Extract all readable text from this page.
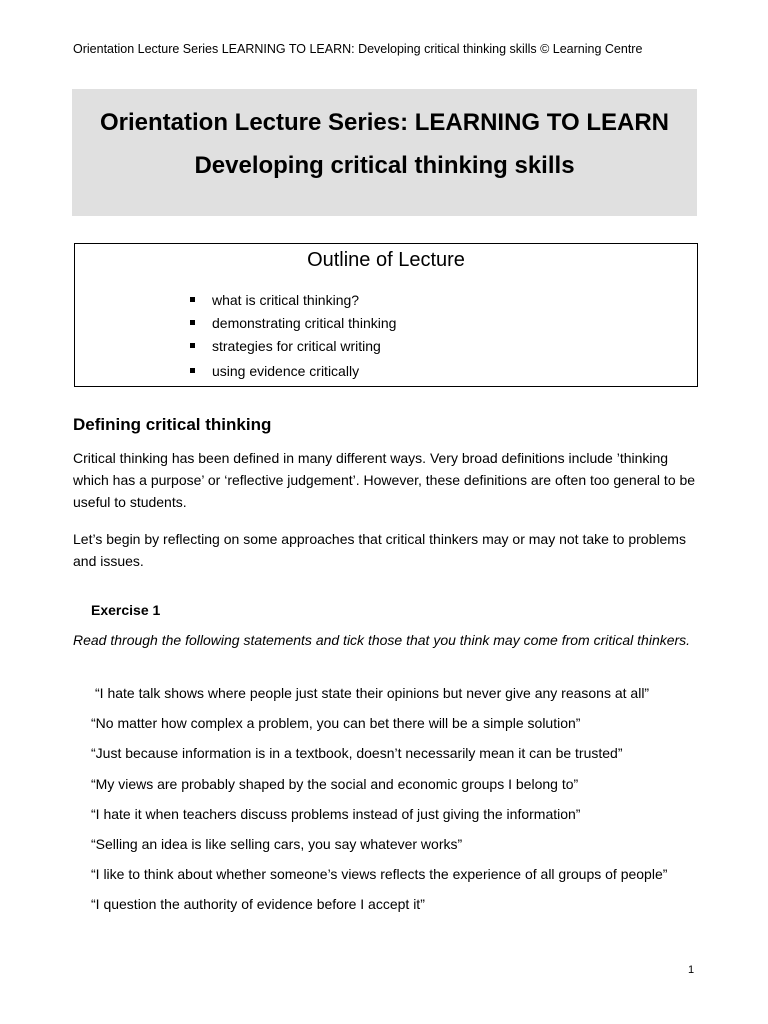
Orientation Lecture Series LEARNING TO LEARN: Developing critical thinking skills © Learning Centre
Orientation Lecture Series: LEARNING TO LEARN
Developing critical thinking skills
Outline of Lecture
what is critical thinking?
demonstrating critical thinking
strategies for critical writing
using evidence critically
Defining critical thinking

Critical thinking has been defined in many different ways. Very broad definitions include ’thinking which has a purpose’ or ‘reflective judgement’. However, these definitions are often too general to be useful to students.

Let’s begin by reflecting on some approaches that critical thinkers may or may not take to problems and issues.

Exercise 1

Read through the following statements and tick those that you think may come from critical thinkers.

“I hate talk shows where people just state their opinions but never give any reasons at all”
“No matter how complex a problem, you can bet there will be a simple solution”
“Just because information is in a textbook, doesn’t necessarily mean it can be trusted”
“My views are probably shaped by the social and economic groups I belong to”
“I hate it when teachers discuss problems instead of just giving the information”
“Selling an idea is like selling cars, you say whatever works”
“I like to think about whether someone’s views reflects the experience of all groups of people”
“I question the authority of evidence before I accept it”
1
